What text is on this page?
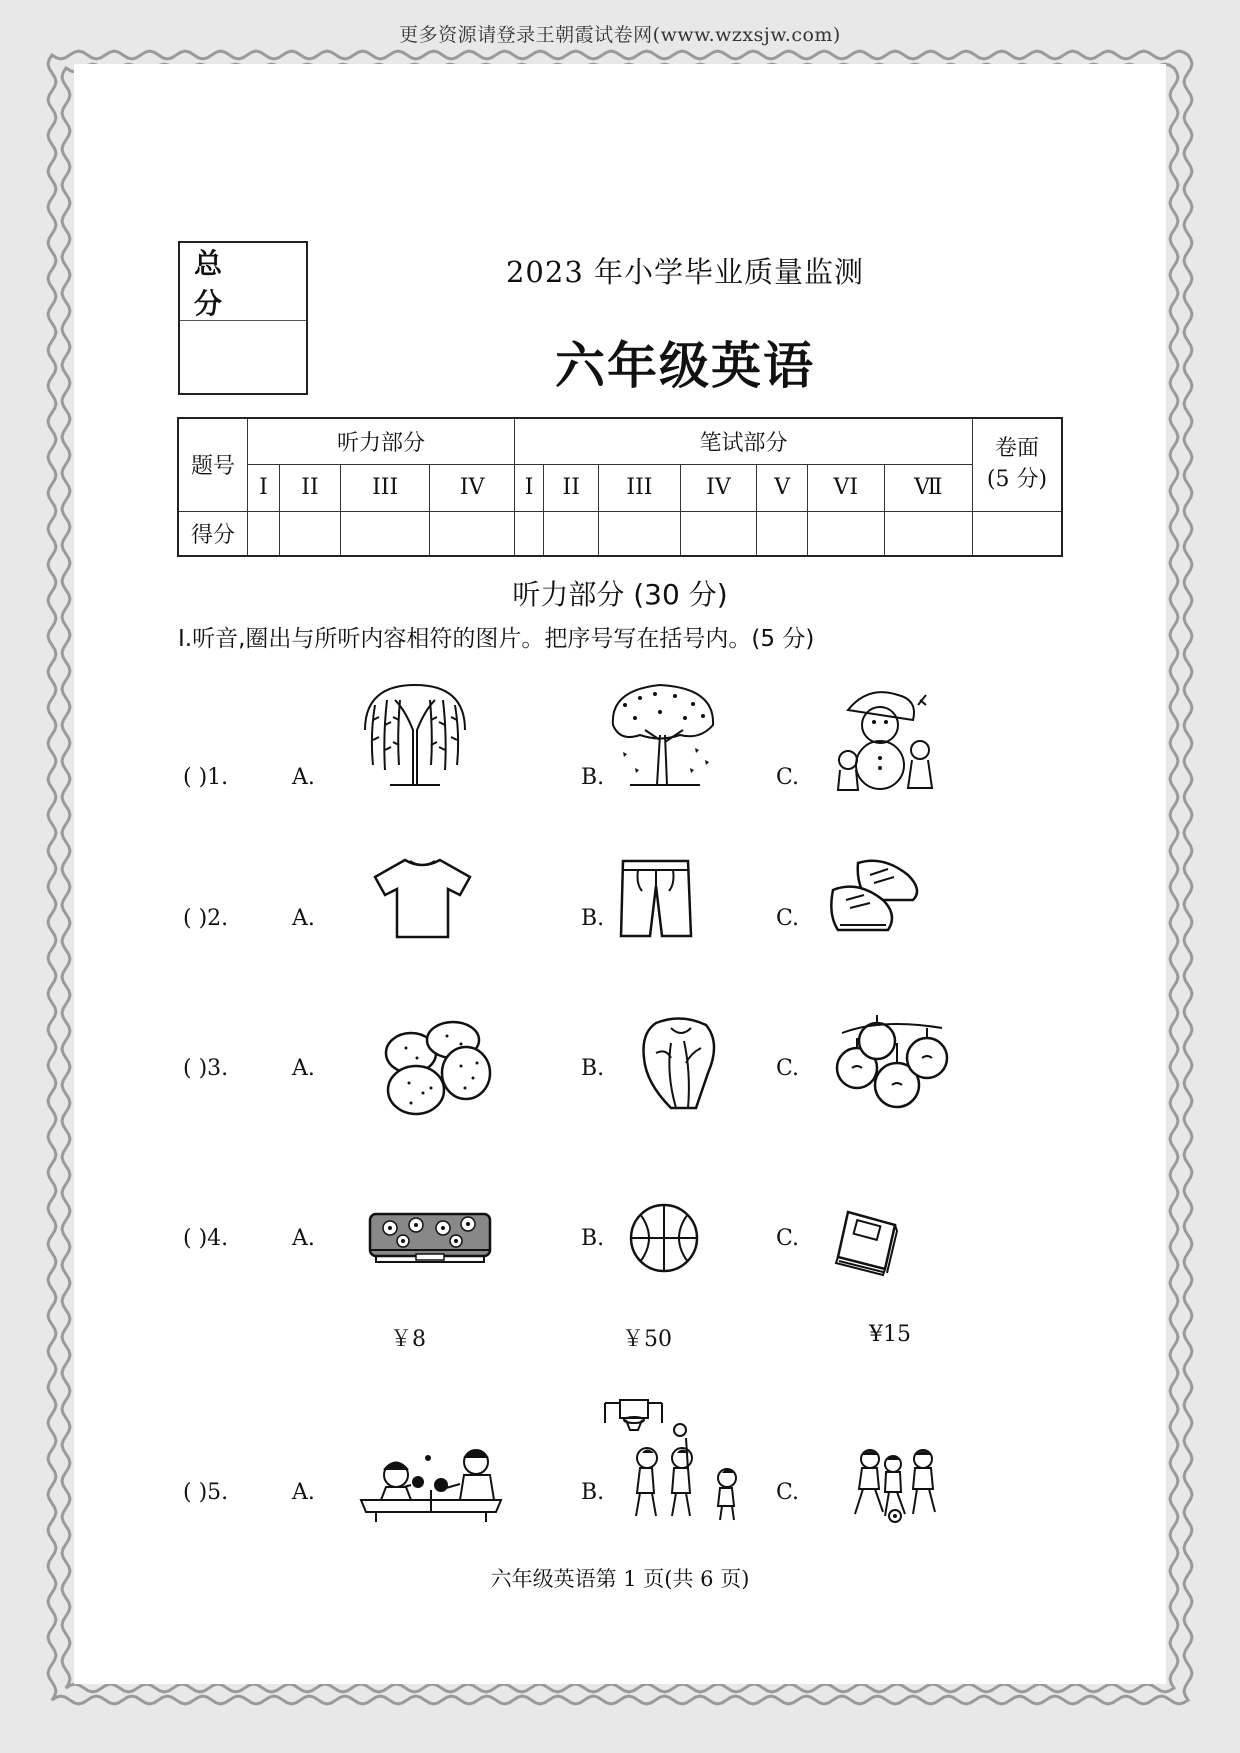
更多资源请登录王朝霞试卷网(www.wzxsjw.com)
总 分
2023 年小学毕业质量监测
六年级英语
题号	听力部分				笔试部分							卷面
(5 分)
	I	II	III	IV	I	II	III	IV	V	VI	Ⅶ	
得分												
听力部分 (30 分)
I.听音,圈出与所听内容相符的图片。把序号写在括号内。(5 分)
( )1.	A.	B.	C.
( )2.	A.	B.	C.
( )3.	A.	B.	C.
( )4.	A.	B.	C.
￥8	￥50	¥15
( )5.	A.	B.	C.
六年级英语第 1 页(共 6 页)
